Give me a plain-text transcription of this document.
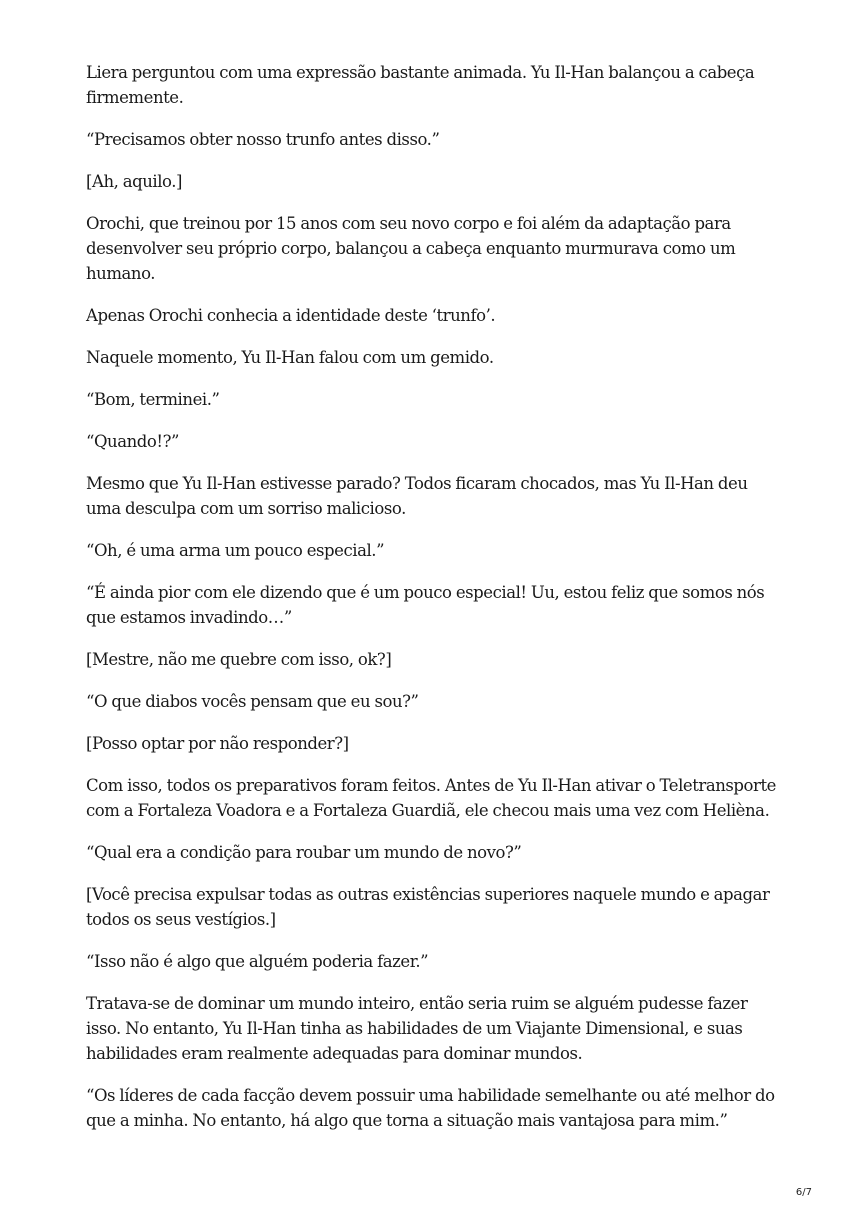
Liera perguntou com uma expressão bastante animada. Yu Il-Han balançou a cabeça firmemente.

“Precisamos obter nosso trunfo antes disso.”

[Ah, aquilo.]

Orochi, que treinou por 15 anos com seu novo corpo e foi além da adaptação para desenvolver seu próprio corpo, balançou a cabeça enquanto murmurava como um humano.

Apenas Orochi conhecia a identidade deste ‘trunfo’.

Naquele momento, Yu Il-Han falou com um gemido.

“Bom, terminei.”

“Quando!?”

Mesmo que Yu Il-Han estivesse parado? Todos ficaram chocados, mas Yu Il-Han deu uma desculpa com um sorriso malicioso.

“Oh, é uma arma um pouco especial.”

“É ainda pior com ele dizendo que é um pouco especial! Uu, estou feliz que somos nós que estamos invadindo…”

[Mestre, não me quebre com isso, ok?]

“O que diabos vocês pensam que eu sou?”

[Posso optar por não responder?]

Com isso, todos os preparativos foram feitos. Antes de Yu Il-Han ativar o Teletransporte com a Fortaleza Voadora e a Fortaleza Guardiã, ele checou mais uma vez com Helièna.

“Qual era a condição para roubar um mundo de novo?”

[Você precisa expulsar todas as outras existências superiores naquele mundo e apagar todos os seus vestígios.]

“Isso não é algo que alguém poderia fazer.”

Tratava-se de dominar um mundo inteiro, então seria ruim se alguém pudesse fazer isso. No entanto, Yu Il-Han tinha as habilidades de um Viajante Dimensional, e suas habilidades eram realmente adequadas para dominar mundos.

“Os líderes de cada facção devem possuir uma habilidade semelhante ou até melhor do que a minha. No entanto, há algo que torna a situação mais vantajosa para mim.”

6/7
